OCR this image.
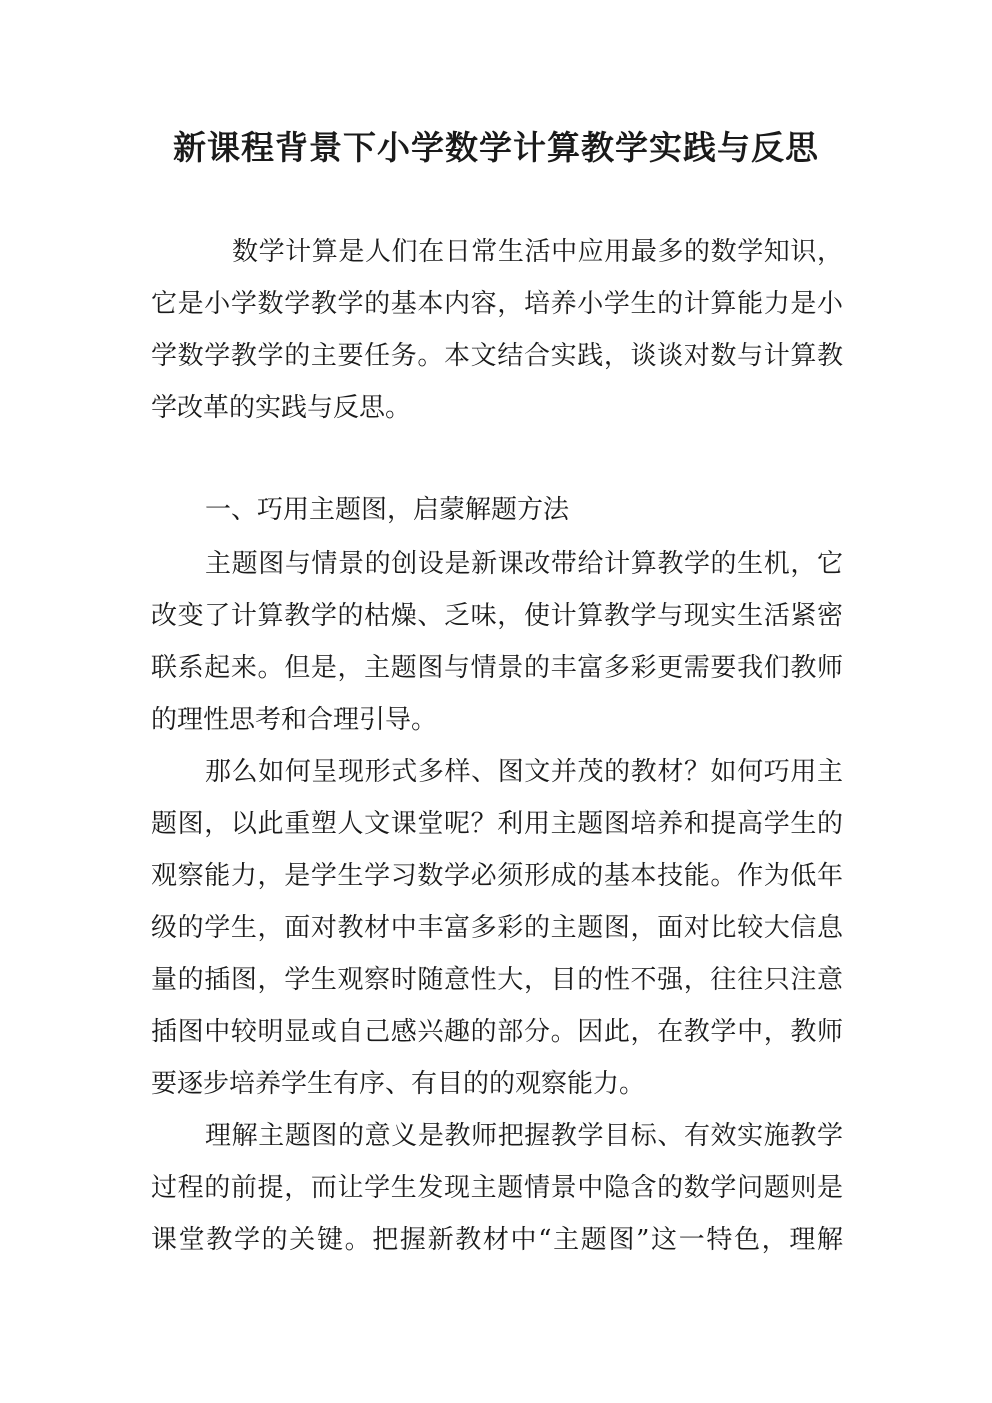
新课程背景下小学数学计算教学实践与反思
数学计算是人们在日常生活中应用最多的数学知识，
它是小学数学教学的基本内容，培养小学生的计算能力是小
学数学教学的主要任务。本文结合实践，谈谈对数与计算教
学改革的实践与反思。
一、巧用主题图，启蒙解题方法
主题图与情景的创设是新课改带给计算教学的生机，它
改变了计算教学的枯燥、乏味，使计算教学与现实生活紧密
联系起来。但是，主题图与情景的丰富多彩更需要我们教师
的理性思考和合理引导。
那么如何呈现形式多样、图文并茂的教材？如何巧用主
题图，以此重塑人文课堂呢？利用主题图培养和提高学生的
观察能力，是学生学习数学必须形成的基本技能。作为低年
级的学生，面对教材中丰富多彩的主题图，面对比较大信息
量的插图，学生观察时随意性大，目的性不强，往往只注意
插图中较明显或自己感兴趣的部分。因此，在教学中，教师
要逐步培养学生有序、有目的的观察能力。
理解主题图的意义是教师把握教学目标、有效实施教学
过程的前提，而让学生发现主题情景中隐含的数学问题则是
课堂教学的关键。把握新教材中“主题图”这一特色，理解
